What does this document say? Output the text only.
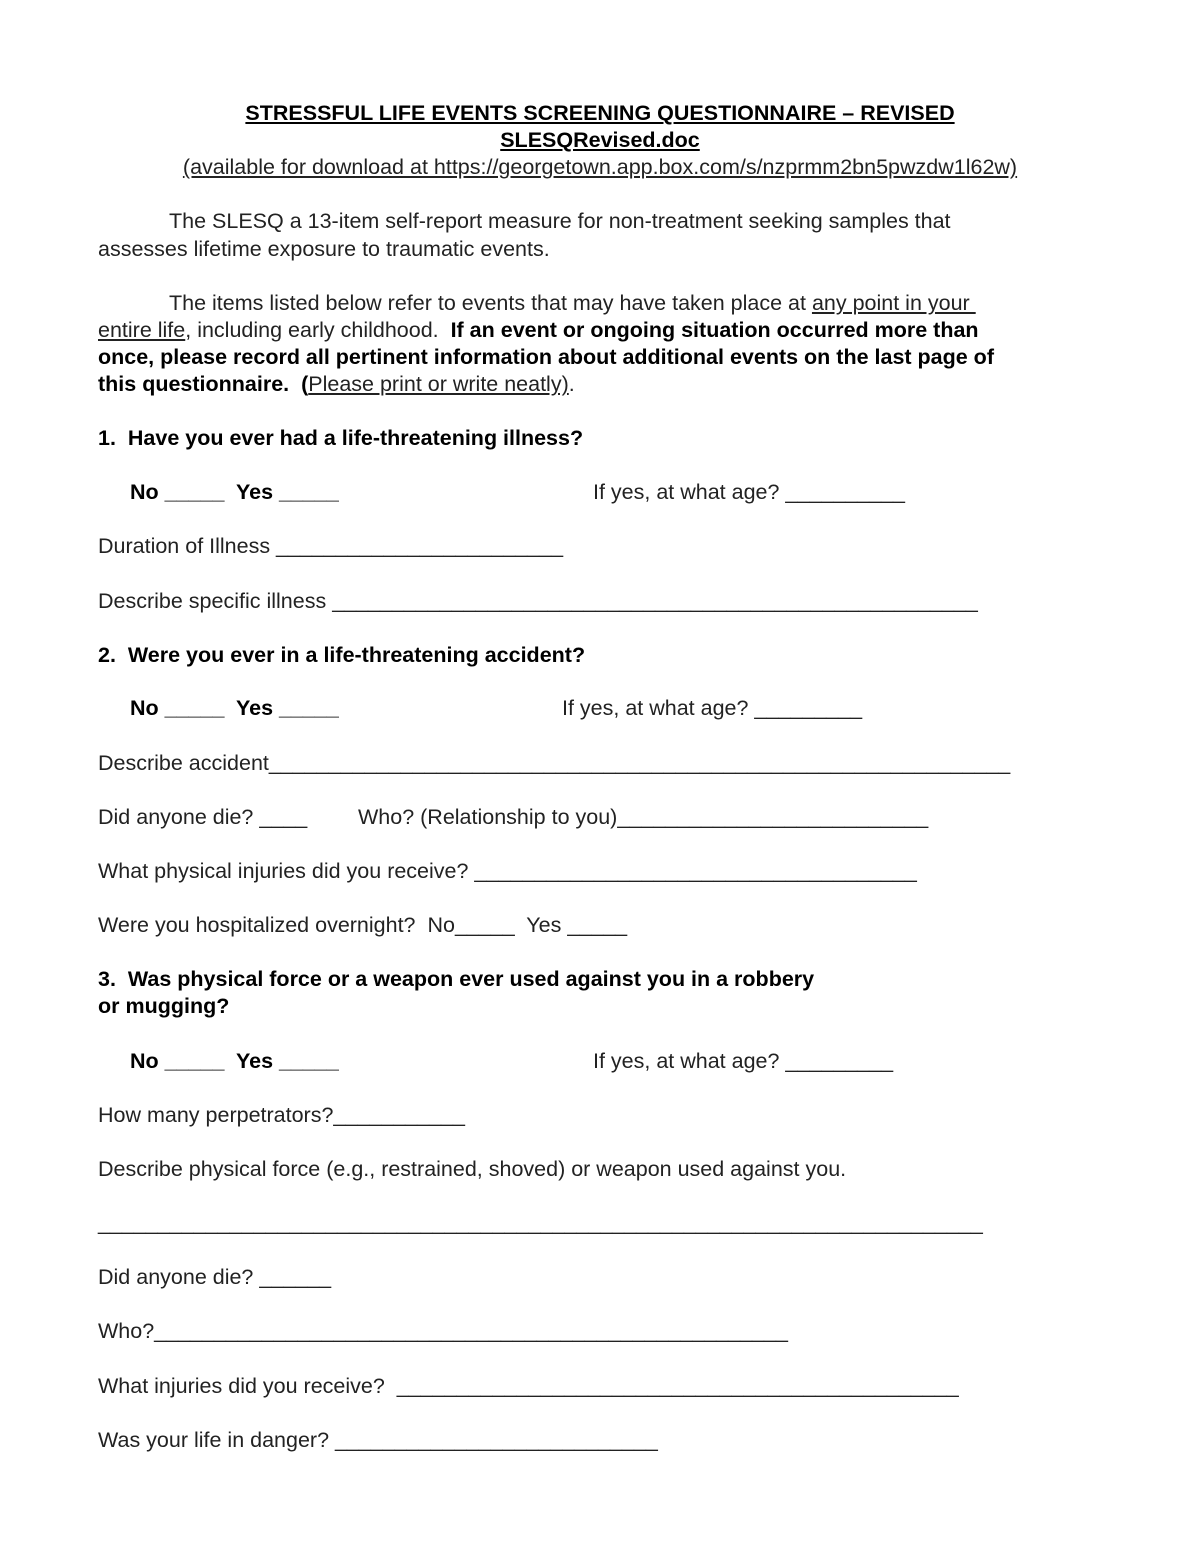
STRESSFUL LIFE EVENTS SCREENING QUESTIONNAIRE – REVISED
SLESQRevised.doc
(available for download at https://georgetown.app.box.com/s/nzprmm2bn5pwzdw1l62w)
The SLESQ a 13-item self-report measure for non-treatment seeking samples that
assesses lifetime exposure to traumatic events.
The items listed below refer to events that may have taken place at any point in your
entire life, including early childhood.  If an event or ongoing situation occurred more than
once, please record all pertinent information about additional events on the last page of
this questionnaire.  (Please print or write neatly).
1.  Have you ever had a life-threatening illness?
No _____  Yes _____	If yes, at what age? __________
Duration of Illness ________________________
Describe specific illness ______________________________________________________
2.  Were you ever in a life-threatening accident?
No _____  Yes _____	If yes, at what age? _________
Describe accident______________________________________________________________
Did anyone die? ____ Who? (Relationship to you)__________________________
What physical injuries did you receive? _____________________________________
Were you hospitalized overnight?  No_____  Yes _____
3.  Was physical force or a weapon ever used against you in a robbery
or mugging?
No _____  Yes _____	If yes, at what age? _________
How many perpetrators?___________
Describe physical force (e.g., restrained, shoved) or weapon used against you.
__________________________________________________________________________
Did anyone die? ______
Who?_____________________________________________________
What injuries did you receive?  _______________________________________________
Was your life in danger? ___________________________
